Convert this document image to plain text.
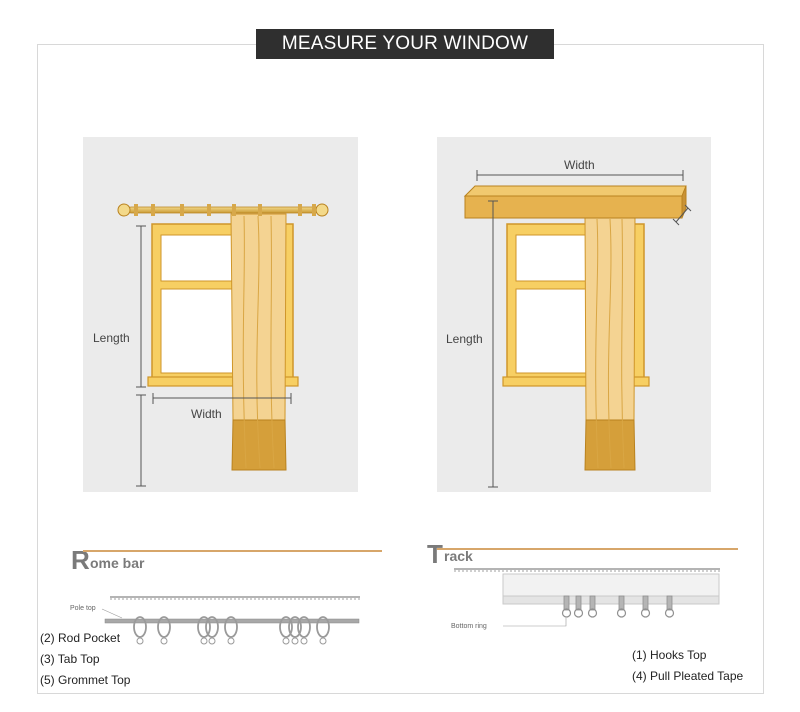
MEASURE YOUR WINDOW
Length
Width
Width
Length
R ome bar
Pole top
T rack
Bottom ring
(2) Rod Pocket
(3) Tab Top
(5) Grommet Top
(1) Hooks Top
(4) Pull Pleated Tape
